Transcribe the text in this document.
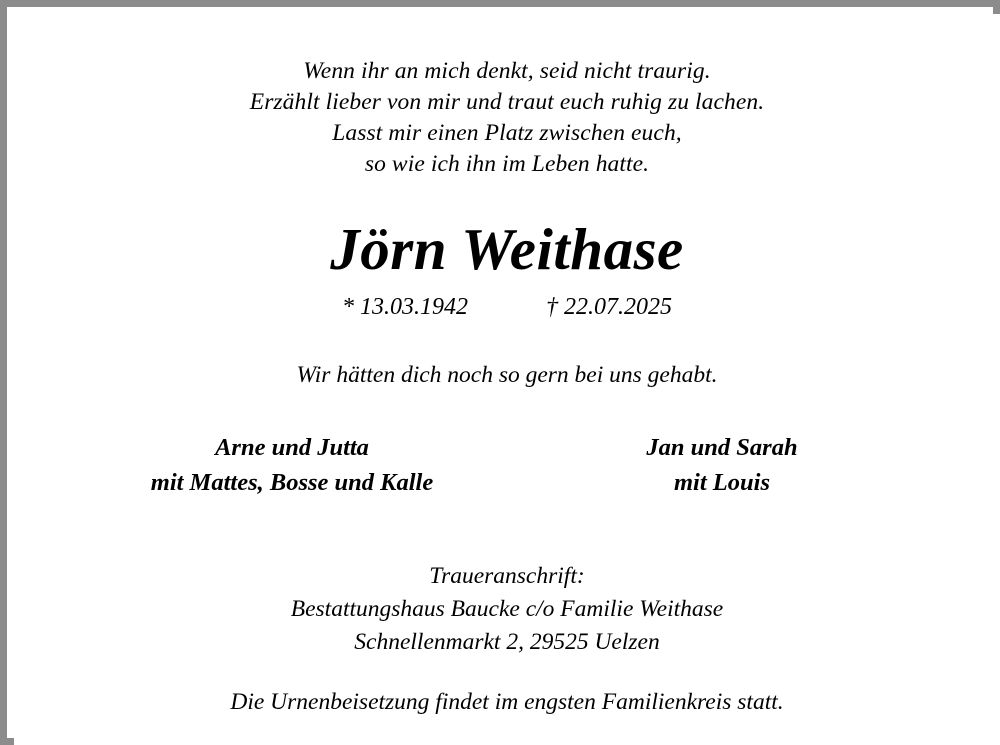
Wenn ihr an mich denkt, seid nicht traurig.
Erzählt lieber von mir und traut euch ruhig zu lachen.
Lasst mir einen Platz zwischen euch,
so wie ich ihn im Leben hatte.
Jörn Weithase
* 13.03.1942	† 22.07.2025
Wir hätten dich noch so gern bei uns gehabt.
Arne und Jutta
mit Mattes, Bosse und Kalle
Jan und Sarah
mit Louis
Traueranschrift:
Bestattungshaus Baucke c/o Familie Weithase
Schnellenmarkt 2, 29525 Uelzen
Die Urnenbeisetzung findet im engsten Familienkreis statt.
